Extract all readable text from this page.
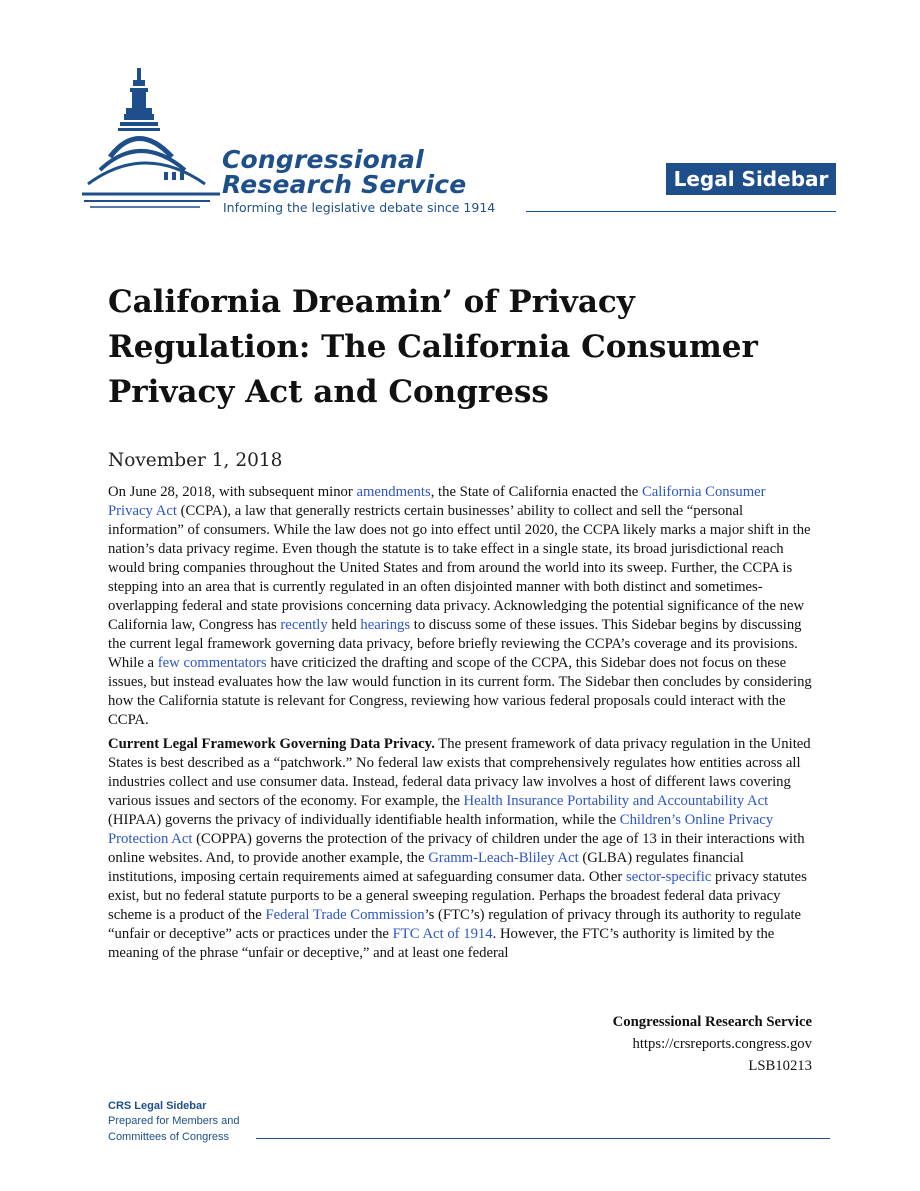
Congressional
Research Service
Informing the legislative debate since 1914
Legal Sidebar
California Dreamin’ of Privacy Regulation: The California Consumer Privacy Act and Congress
November 1, 2018

On June 28, 2018, with subsequent minor amendments, the State of California enacted the California Consumer Privacy Act (CCPA), a law that generally restricts certain businesses’ ability to collect and sell the “personal information” of consumers. While the law does not go into effect until 2020, the CCPA likely marks a major shift in the nation’s data privacy regime. Even though the statute is to take effect in a single state, its broad jurisdictional reach would bring companies throughout the United States and from around the world into its sweep. Further, the CCPA is stepping into an area that is currently regulated in an often disjointed manner with both distinct and sometimes-overlapping federal and state provisions concerning data privacy. Acknowledging the potential significance of the new California law, Congress has recently held hearings to discuss some of these issues. This Sidebar begins by discussing the current legal framework governing data privacy, before briefly reviewing the CCPA’s coverage and its provisions. While a few commentators have criticized the drafting and scope of the CCPA, this Sidebar does not focus on these issues, but instead evaluates how the law would function in its current form. The Sidebar then concludes by considering how the California statute is relevant for Congress, reviewing how various federal proposals could interact with the CCPA.

Current Legal Framework Governing Data Privacy. The present framework of data privacy regulation in the United States is best described as a “patchwork.” No federal law exists that comprehensively regulates how entities across all industries collect and use consumer data. Instead, federal data privacy law involves a host of different laws covering various issues and sectors of the economy. For example, the Health Insurance Portability and Accountability Act (HIPAA) governs the privacy of individually identifiable health information, while the Children’s Online Privacy Protection Act (COPPA) governs the protection of the privacy of children under the age of 13 in their interactions with online websites. And, to provide another example, the Gramm-Leach-Bliley Act (GLBA) regulates financial institutions, imposing certain requirements aimed at safeguarding consumer data. Other sector-specific privacy statutes exist, but no federal statute purports to be a general sweeping regulation. Perhaps the broadest federal data privacy scheme is a product of the Federal Trade Commission’s (FTC’s) regulation of privacy through its authority to regulate “unfair or deceptive” acts or practices under the FTC Act of 1914. However, the FTC’s authority is limited by the meaning of the phrase “unfair or deceptive,” and at least one federal

Congressional Research Service
https://crsreports.congress.gov
LSB10213
CRS Legal Sidebar
Prepared for Members and
Committees of Congress
